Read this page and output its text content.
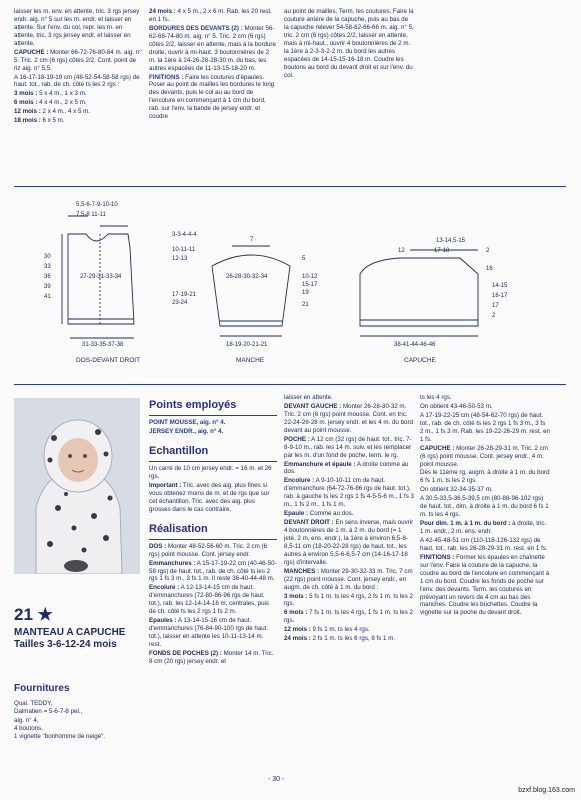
laisser les m. env. en attente, tric. 3 rgs jersey endr. aig. n° 5 sur les m. endr. et laisser en attente. Sur l'env. du col, repr. les m. en attente, tric. 3 rgs jersey endr. et laisser en attente.

CAPUCHE : Monter 66-72-76-80-84 m. aig. n° 5. Tric. 2 cm (6 rgs) côtes 2/2. Cont. point de riz aig. n° 5,5.

A 16-17-18-19-19 cm (48-52-54-58-58 rgs) de haut. tot., rab. de ch. côté ts les 2 rgs :

3 mois : 5 x 4 m., 1 x 3 m.

6 mois : 4 x 4 m., 2 x 5 m.

12 mois : 2 x 4 m., 4 x 5 m.

18 mois : 6 x 5 m.

24 mois : 4 x 5 m., 2 x 6 m. Rab. les 20 rest. en 1 fs.

BORDURES DES DEVANTS (2) : Monter 56-62-68-74-80 m. aig. n° 5. Tric. 2 cm (6 rgs) côtes 2/2, laisser en attente, mais à la bordure droite, ouvrir à mi-haut. 3 boutonnières de 2 m. la 1ère à 24-26-28-28-30 m. du bas, les autres espacées de 11-13-15-18-20 m.

FINITIONS : Faire les coutures d'épaules. Poser au point de mailles les bordures le long des devants, puis le col au au bord de l'encolure en commençant à 1 cm du bord, rab. sur l'env. la bande de jersey endr. et coudre

au point de mailles. Term. les coutures. Faire la couture arrière de la capuche, puis au bas de la capuche relever 54-58-62-66-66 m. aig. n° 5, tric. 2 cm (6 rgs) côtes 2/2, laisser en attente, mais à mi-haut., ouvrir 4 boutonnières de 2 m. la 1ère à 2-3-3-2-2 m. du bord les autres espacées de 14-15-15-16-18 m. Coudre les boutons au bord du devant droit et sur l'env. du col.

5,5-6-7-9-10-10
7,5-8 11-11
3-3-4-4-4
10-11-11
12-13
17-19-21
23-24
30
33
36
39
41
27-29-31-33-34
31-33-35-37-38
DOS-DEVANT DROIT
7
26-28-30-32-34
5
10-12
15-17
19
21
18-19-20-21-21
MANCHE
13-14,5-15
17-18
12	2
16
14-15
16-17
17
2
38-41-44-46-46
CAPUCHE
21 ★
MANTEAU A CAPUCHE
Tailles 3-6-12-24 mois
Fournitures
Qual. TEDDY,
Dalmatien = 5-6-7-8 pel.,
aig. n° 4,
4 boutons,
1 vignette "bonhomme de neige".
Points employés

POINT MOUSSE, aig. n° 4.

JERSEY ENDR., aig. n° 4.

Echantillon

Un carré de 10 cm jersey endr. = 16 m. et 26 rgs.

Important : Tric. avec des aig. plus fines si vous obtenez moins de m. et de rgs que sur cet échantillon. Tric. avec des aig. plus grosses dans le cas contraire.

Réalisation

DOS : Monter 48-52-56-60 m. Tric. 2 cm (6 rgs) point mousse. Cont. jersey endr.

Emmanchures : A 15-17-19-22 cm (40-46-50-58 rgs) de haut. tot., rab. de ch. côté ts les 2 rgs 1 fs 3 m., 3 fs 1 m. Il reste 36-40-44-48 m.

Encolure : A 12-13-14-15 cm de haut. d'emmanchures (72-80-86-96 rgs de haut. tot.), rab. les 12-14-14-16 m. centrales, puis de ch. côté ts les 2 rgs 1 fs 2 m.

Epaules : A 13-14-15-16 cm de haut. d'emmanchures (76-84-90-100 rgs de haut. tot.), laisser en attente les 10-11-13-14 m. rest.

FONDS DE POCHES (2) : Monter 14 m. Tric. 8 cm (20 rgs) jersey endr. et

laisser en attente.

DEVANT GAUCHE : Monter 26-28-30-32 m. Tric. 2 cm (6 rgs) point mousse. Cont. en tric. 22-24-26-28 m. jersey endr. et les 4 m. du bord devant au point mousse.

POCHE : A 12 cm (32 rgs) de haut. tot., tric. 7-8-9-10 m., rab. les 14 m. suiv. et les remplacer par les m. d'un fond de poche, term. le rg.

Emmanchure et épaule : A droite comme au dos.

Encolure : A 9-10-10-11 cm de haut. d'emmanchure (64-72-76-86 rgs de haut. tot.), rab. à gauche ts les 2 rgs 1 fs 4-5-5-6 m., 1 fs 3 m., 1 fs 2 m., 1 fs 1 m.

Epaule : Comme au dos.

DEVANT DROIT : En sens inverse, mais ouvrir 4 boutonnières de 1 m. à 2 m. du bord (= 1 jeté, 2 m. ens. endr.), la 1ère à environ 6,5-8-8,5-11 cm (18-20-22-28 rgs) de haut. tot., les autres à environ 5,5-6-6,5-7 cm (14-16-17-18 rgs) d'intervalle.

MANCHES : Monter 29-30-32-33 m. Tric. 7 cm (22 rgs) point mousse. Cont. jersey endr., en augm. de ch. côté à 1 m. du bord :

3 mois : 5 fs 1 m. ts les 4 rgs, 2 fs 1 m. ts les 2 rgs.

6 mois : 7 fs 1 m. ts les 4 rgs, 1 fs 1 m. ts les 2 rgs.

12 mois : 9 fs 1 m. ts les 4 rgs.

24 mois : 2 fs 1 m. ts les 6 rgs, 8 fs 1 m.

ts les 4 rgs.

On obtient 43-46-50-53 m.

A 17-19-22-25 cm (48-54-62-70 rgs) de haut. tot., rab. de ch. côté ts les 2 rgs 1 fs 3 m., 3 fs 2 m., 1 fs 3 m. Rab. les 19-22-26-29 m. rest. en 1 fs.

CAPUCHE : Monter 26-28-29-31 m. Tric. 2 cm (6 rgs) point mousse. Cont. jersey endr., 4 m. point mousse.

Dès le 11ème rg, augm. à droite à 1 m. du bord 6 fs 1 m. ts les 2 rgs.

On obtient 32-34-35-37 m.

A 30,5-33,5-36,5-39,5 cm (80-88-96-102 rgs) de haut. tot., dim. à droite à 1 m. du bord 6 fs 1 m. ts les 4 rgs.

Pour dim. 1 m. à 1 m. du bord : à droite, tric. 1 m. endr., 2 m. ens. endr.

A 42-45-48-51 cm (110-118-126-132 rgs) de haut. tot., rab. les 26-28-29-31 m. rest. en 1 fs.

FINITIONS : Former les épaules en chaînette sur l'env. Faire la couture de la capuche, la coudre au bord de l'encolure en commençant à 1 cm du bord. Coudre les fonds de poche sur l'env. des devants. Term. les coutures en prévoyant un revers de 4 cm au bas des manches. Coudre les büchettes. Coudre la vignette sur la poche du devant droit.

- 30 -
bzxf.blog.163.com
